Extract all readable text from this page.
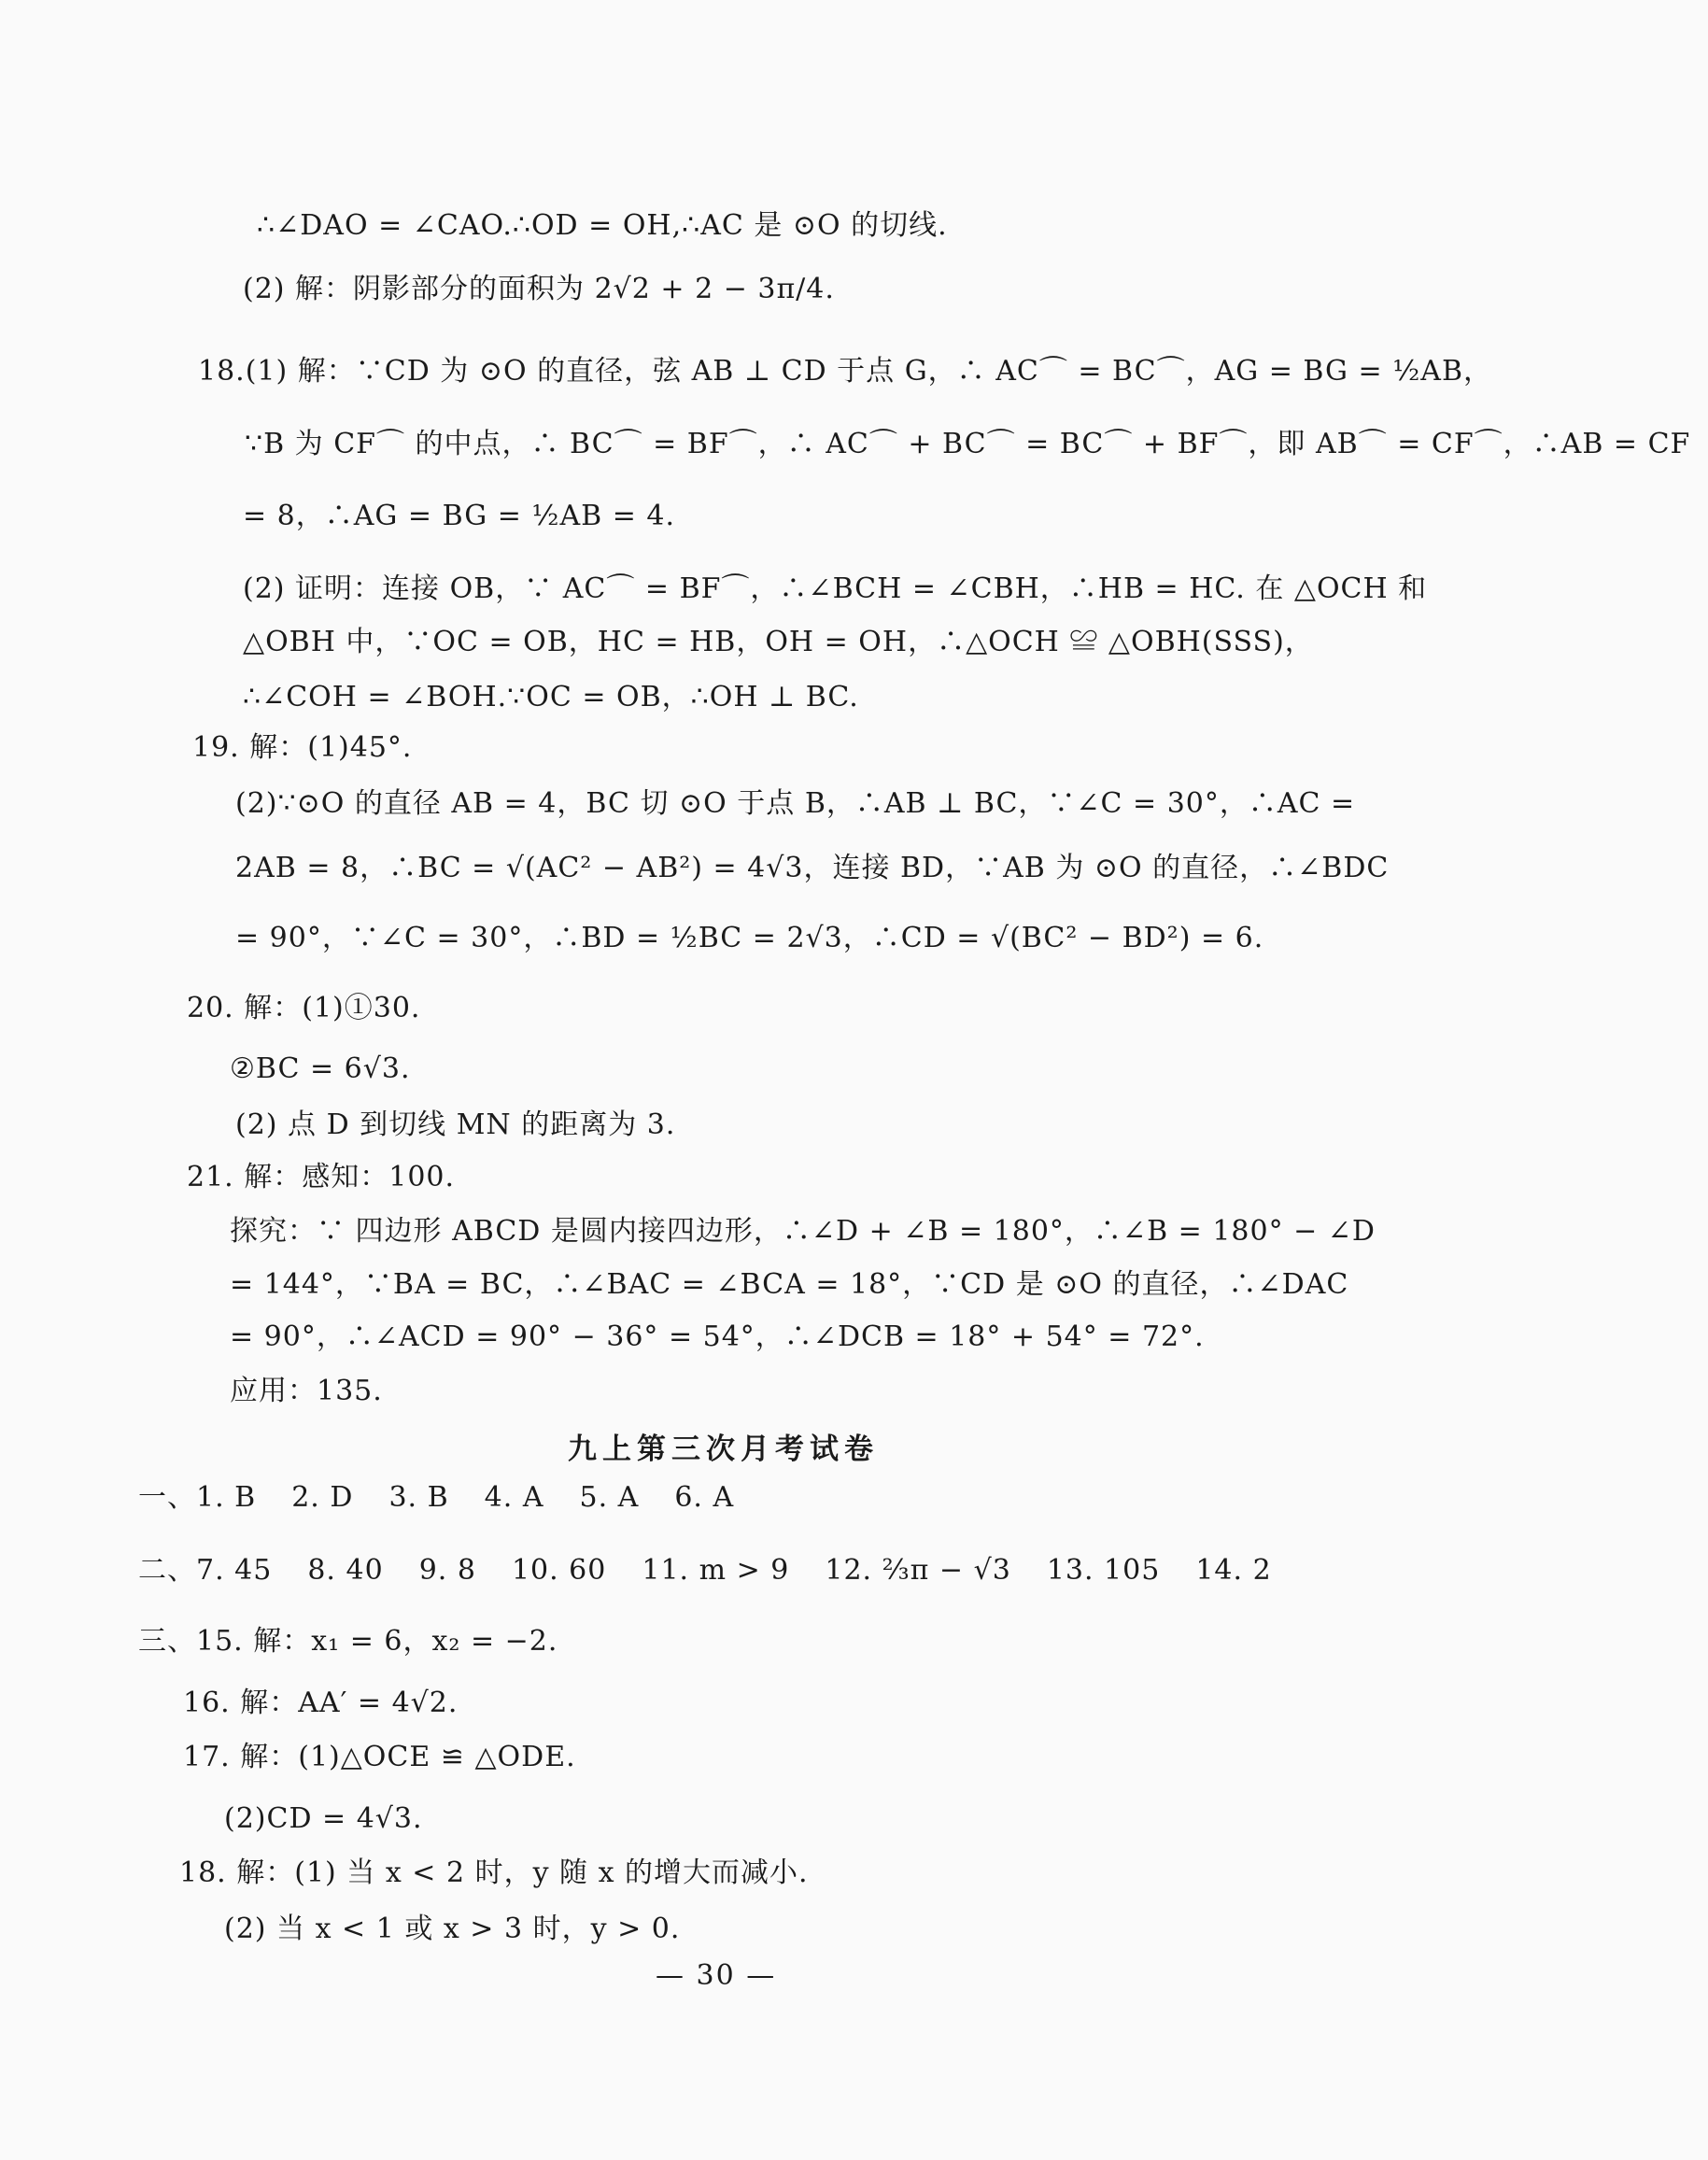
∴∠DAO = ∠CAO.∴OD = OH,∴AC 是 ⊙O 的切线.
(2) 解：阴影部分的面积为 2√2 + 2 − 3π/4.
18.(1) 解：∵CD 为 ⊙O 的直径，弦 AB ⊥ CD 于点 G，∴ AC⌒ = BC⌒，AG = BG = ½AB，
∵B 为 CF⌒ 的中点，∴ BC⌒ = BF⌒，∴ AC⌒ + BC⌒ = BC⌒ + BF⌒，即 AB⌒ = CF⌒，∴AB = CF
= 8，∴AG = BG = ½AB = 4.
(2) 证明：连接 OB，∵ AC⌒ = BF⌒，∴∠BCH = ∠CBH，∴HB = HC. 在 △OCH 和
△OBH 中，∵OC = OB，HC = HB，OH = OH，∴△OCH ≌ △OBH(SSS)，
∴∠COH = ∠BOH.∵OC = OB，∴OH ⊥ BC.
19. 解：(1)45°.
(2)∵⊙O 的直径 AB = 4，BC 切 ⊙O 于点 B，∴AB ⊥ BC，∵∠C = 30°，∴AC =
2AB = 8，∴BC = √(AC² − AB²) = 4√3，连接 BD，∵AB 为 ⊙O 的直径，∴∠BDC
= 90°，∵∠C = 30°，∴BD = ½BC = 2√3，∴CD = √(BC² − BD²) = 6.
20. 解：(1)①30.
②BC = 6√3.
(2) 点 D 到切线 MN 的距离为 3.
21. 解：感知：100.
探究：∵ 四边形 ABCD 是圆内接四边形，∴∠D + ∠B = 180°，∴∠B = 180° − ∠D
= 144°，∵BA = BC，∴∠BAC = ∠BCA = 18°，∵CD 是 ⊙O 的直径，∴∠DAC
= 90°，∴∠ACD = 90° − 36° = 54°，∴∠DCB = 18° + 54° = 72°.
应用：135.
九上第三次月考试卷
一、1. B 2. D 3. B 4. A 5. A 6. A
二、7. 45 8. 40 9. 8 10. 60 11. m > 9 12. ⅔π − √3 13. 105 14. 2
三、15. 解：x₁ = 6，x₂ = −2.
16. 解：AA′ = 4√2.
17. 解：(1)△OCE ≌ △ODE.
(2)CD = 4√3.
18. 解：(1) 当 x < 2 时，y 随 x 的增大而减小.
(2) 当 x < 1 或 x > 3 时，y > 0.
— 30 —
